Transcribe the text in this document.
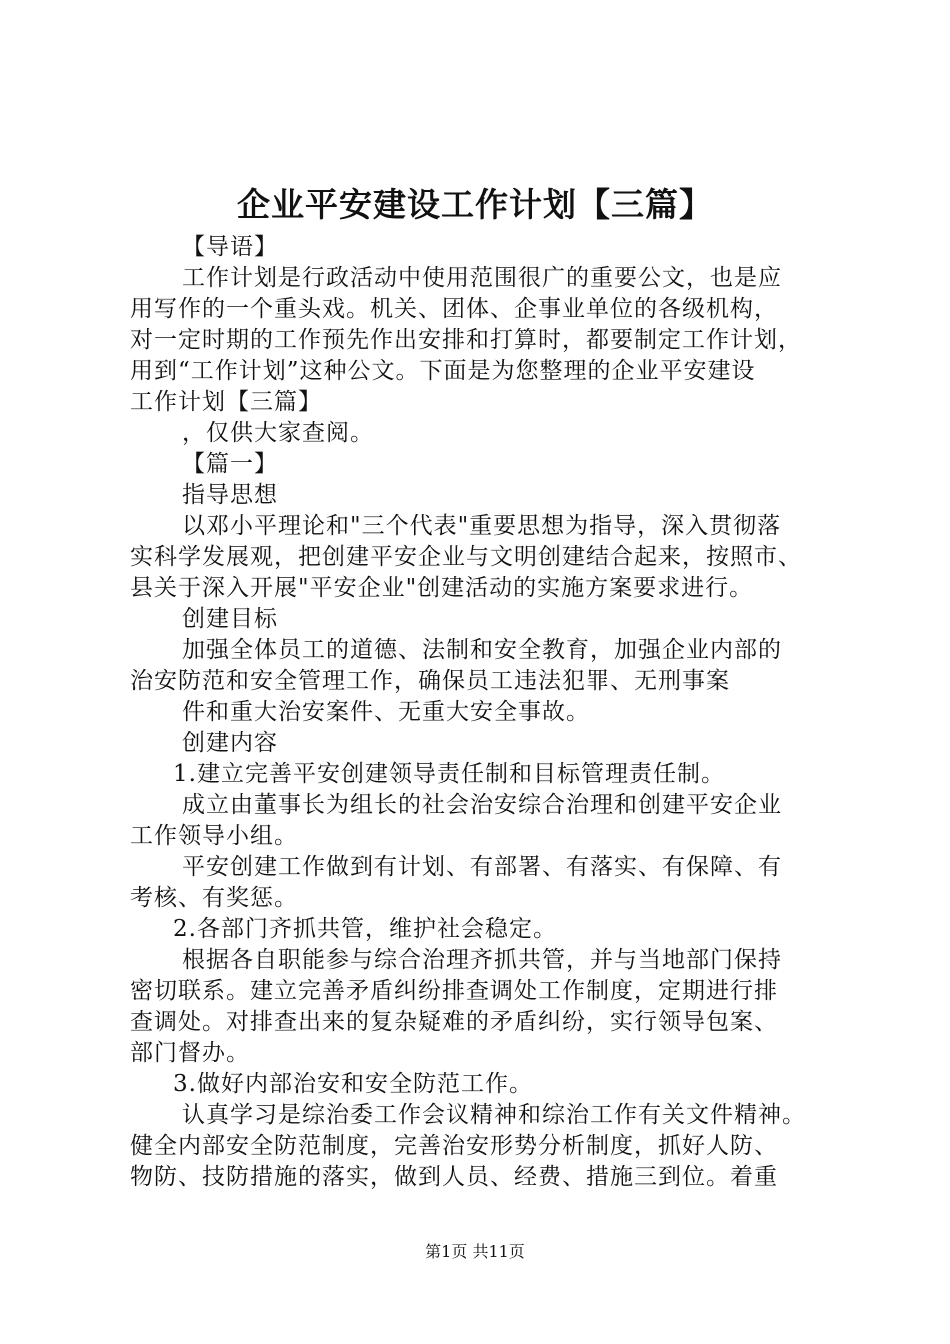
企业平安建设工作计划【三篇】

【导语】

工作计划是行政活动中使用范围很广的重要公文，也是应

用写作的一个重头戏。机关、团体、企事业单位的各级机构，

对一定时期的工作预先作出安排和打算时，都要制定工作计划，

用到“工作计划”这种公文。下面是为您整理的企业平安建设

工作计划【三篇】

，仅供大家查阅。

【篇一】

指导思想

以邓小平理论和"三个代表"重要思想为指导，深入贯彻落

实科学发展观，把创建平安企业与文明创建结合起来，按照市、

县关于深入开展"平安企业"创建活动的实施方案要求进行。

创建目标

加强全体员工的道德、法制和安全教育，加强企业内部的

治安防范和安全管理工作，确保员工违法犯罪、无刑事案

件和重大治安案件、无重大安全事故。

创建内容

1.建立完善平安创建领导责任制和目标管理责任制。

成立由董事长为组长的社会治安综合治理和创建平安企业

工作领导小组。

平安创建工作做到有计划、有部署、有落实、有保障、有

考核、有奖惩。

2.各部门齐抓共管，维护社会稳定。

根据各自职能参与综合治理齐抓共管，并与当地部门保持

密切联系。建立完善矛盾纠纷排查调处工作制度，定期进行排

查调处。对排查出来的复杂疑难的矛盾纠纷，实行领导包案、

部门督办。

3.做好内部治安和安全防范工作。

认真学习是综治委工作会议精神和综治工作有关文件精神。

健全内部安全防范制度，完善治安形势分析制度，抓好人防、

物防、技防措施的落实，做到人员、经费、措施三到位。着重

第1页 共11页
